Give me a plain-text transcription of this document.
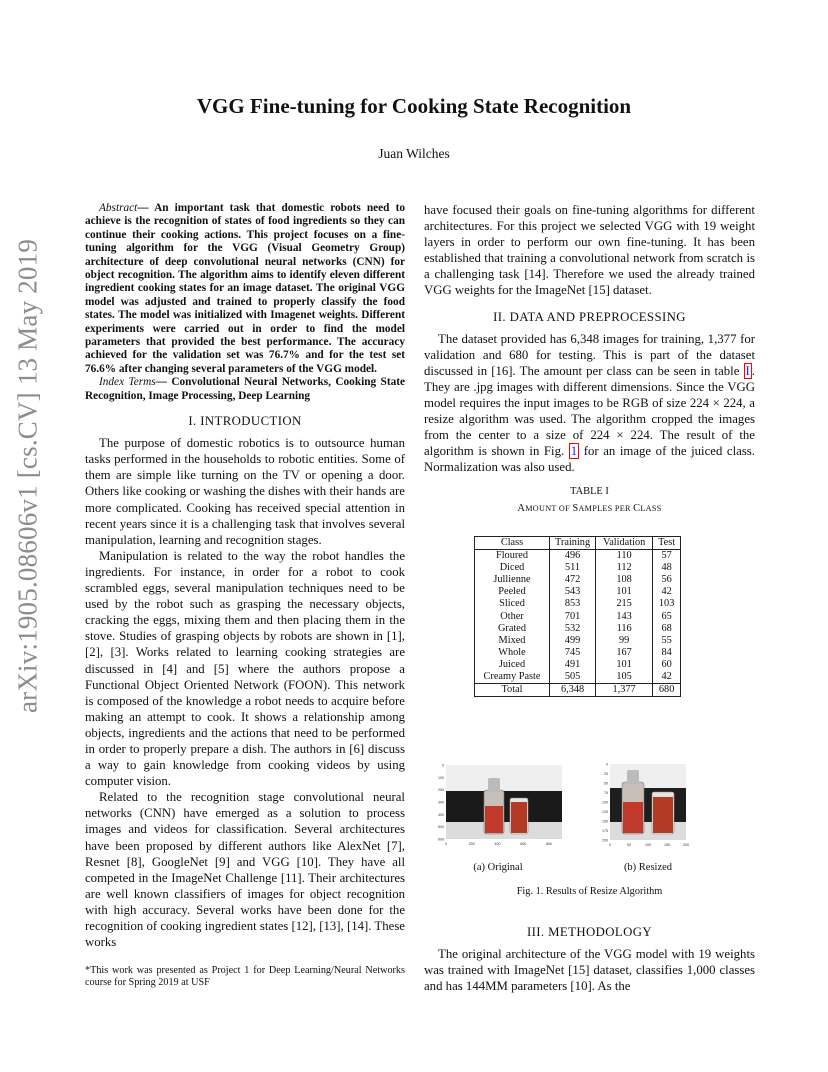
arXiv:1905.08606v1 [cs.CV] 13 May 2019
VGG Fine-tuning for Cooking State Recognition
Juan Wilches

Abstract— An important task that domestic robots need to achieve is the recognition of states of food ingredients so they can continue their cooking actions. This project focuses on a fine-tuning algorithm for the VGG (Visual Geometry Group) architecture of deep convolutional neural networks (CNN) for object recognition. The algorithm aims to identify eleven different ingredient cooking states for an image dataset. The original VGG model was adjusted and trained to properly classify the food states. The model was initialized with Imagenet weights. Different experiments were carried out in order to find the model parameters that provided the best performance. The accuracy achieved for the validation set was 76.7% and for the test set 76.6% after changing several parameters of the VGG model.

Index Terms— Convolutional Neural Networks, Cooking State Recognition, Image Processing, Deep Learning

I. INTRODUCTION

The purpose of domestic robotics is to outsource human tasks performed in the households to robotic entities. Some of them are simple like turning on the TV or opening a door. Others like cooking or washing the dishes with their hands are more complicated. Cooking has received special attention in recent years since it is a challenging task that involves several manipulation, learning and recognition stages.

Manipulation is related to the way the robot handles the ingredients. For instance, in order for a robot to cook scrambled eggs, several manipulation techniques need to be used by the robot such as grasping the necessary objects, cracking the eggs, mixing them and then placing them in the stove. Studies of grasping objects by robots are shown in [1], [2], [3]. Works related to learning cooking strategies are discussed in [4] and [5] where the authors propose a Functional Object Oriented Network (FOON). This network is composed of the knowledge a robot needs to acquire before making an attempt to cook. It shows a relationship among objects, ingredients and the actions that need to be performed in order to properly prepare a dish. The authors in [6] discuss a way to gain knowledge from cooking videos by using computer vision.

Related to the recognition stage convolutional neural networks (CNN) have emerged as a solution to process images and videos for classification. Several architectures have been proposed by different authors like AlexNet [7], Resnet [8], GoogleNet [9] and VGG [10]. They have all competed in the ImageNet Challenge [11]. Their architectures are well known classifiers of images for object recognition with high accuracy. Several works have been done for the recognition of cooking ingredient states [12], [13], [14]. These works

*This work was presented as Project 1 for Deep Learning/Neural Networks course for Spring 2019 at USF

have focused their goals on fine-tuning algorithms for different architectures. For this project we selected VGG with 19 weight layers in order to perform our own fine-tuning. It has been established that training a convolutional network from scratch is a challenging task [14]. Therefore we used the already trained VGG weights for the ImageNet [15] dataset.

II. DATA AND PREPROCESSING

The dataset provided has 6,348 images for training, 1,377 for validation and 680 for testing. This is part of the dataset discussed in [16]. The amount per class can be seen in table I . They are .jpg images with different dimensions. Since the VGG model requires the input images to be RGB of size 224 × 224, a resize algorithm was used. The algorithm cropped the images from the center to a size of 224 × 224. The result of the algorithm is shown in Fig. 1 for an image of the juiced class. Normalization was also used.

TABLE I
AMOUNT OF SAMPLES PER CLASS
Class	Training	Validation	Test
Floured	496	110	57
Diced	511	112	48
Jullienne	472	108	56
Peeled	543	101	42
Sliced	853	215	103
Other	701	143	65
Grated	532	116	68
Mixed	499	99	55
Whole	745	167	84
Juiced	491	101	60
Creamy Paste	505	105	42
Total	6,348	1,377	680
0
100
200
300
400
500
600
0	200	400	600	800
(a) Original
0
25
50
75
100
125
150
175
200
0	50	100	150	200
(b) Resized
Fig. 1. Results of Resize Algorithm
III. METHODOLOGY

The original architecture of the VGG model with 19 weights was trained with ImageNet [15] dataset, classifies 1,000 classes and has 144MM parameters [10]. As the
